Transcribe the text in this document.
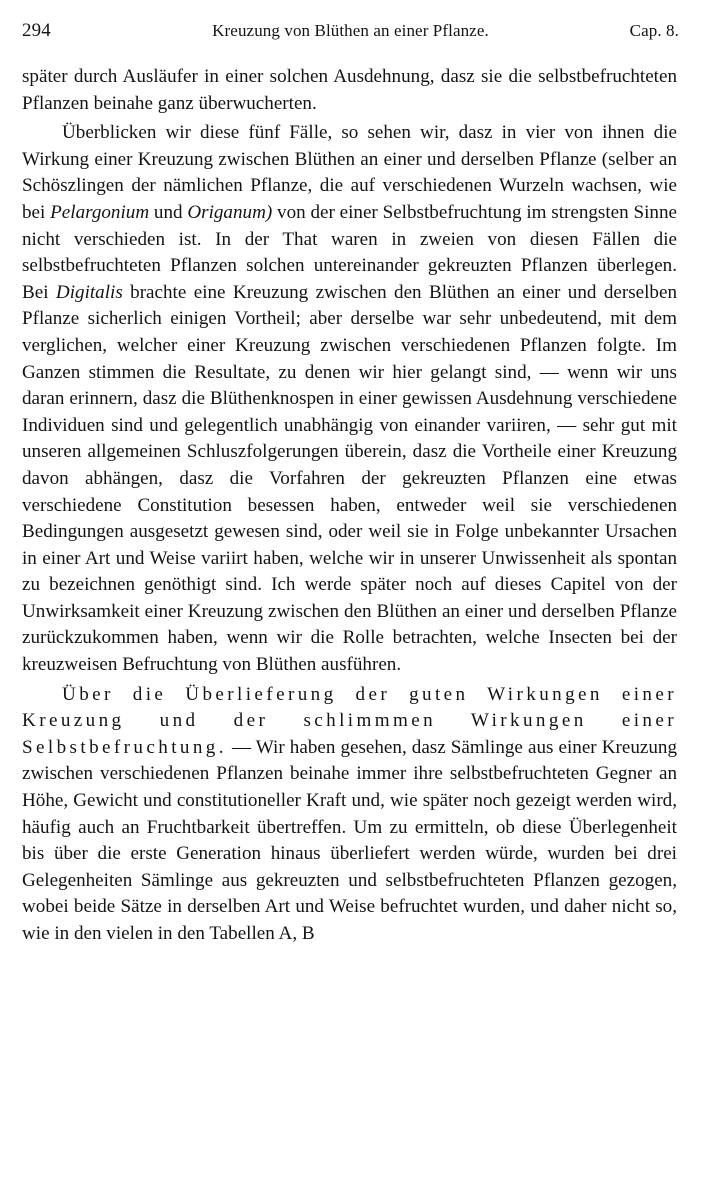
294	Kreuzung von Blüthen an einer Pflanze.	Cap. 8.

später durch Ausläufer in einer solchen Ausdehnung, dasz sie die selbstbefruchteten Pflanzen beinahe ganz überwucherten.

Überblicken wir diese fünf Fälle, so sehen wir, dasz in vier von ihnen die Wirkung einer Kreuzung zwischen Blüthen an einer und derselben Pflanze (selber an Schöszlingen der nämlichen Pflanze, die auf verschiedenen Wurzeln wachsen, wie bei Pelargonium und Origanum) von der einer Selbstbefruchtung im strengsten Sinne nicht verschieden ist. In der That waren in zweien von diesen Fällen die selbstbefruchteten Pflanzen solchen untereinander gekreuzten Pflanzen überlegen. Bei Digitalis brachte eine Kreuzung zwischen den Blüthen an einer und derselben Pflanze sicherlich einigen Vortheil; aber derselbe war sehr unbedeutend, mit dem verglichen, welcher einer Kreuzung zwischen verschiedenen Pflanzen folgte. Im Ganzen stimmen die Resultate, zu denen wir hier gelangt sind, — wenn wir uns daran erinnern, dasz die Blüthenknospen in einer gewissen Ausdehnung verschiedene Individuen sind und gelegentlich unabhängig von einander variiren, — sehr gut mit unseren allgemeinen Schluszfolgerungen überein, dasz die Vortheile einer Kreuzung davon abhängen, dasz die Vorfahren der gekreuzten Pflanzen eine etwas verschiedene Constitution besessen haben, entweder weil sie verschiedenen Bedingungen ausgesetzt gewesen sind, oder weil sie in Folge unbekannter Ursachen in einer Art und Weise variirt haben, welche wir in unserer Unwissenheit als spontan zu bezeichnen genöthigt sind. Ich werde später noch auf dieses Capitel von der Unwirksamkeit einer Kreuzung zwischen den Blüthen an einer und derselben Pflanze zurückzukommen haben, wenn wir die Rolle betrachten, welche Insecten bei der kreuzweisen Befruchtung von Blüthen ausführen.

Über die Überlieferung der guten Wirkungen einer Kreuzung und der schlimmmen Wirkungen einer Selbstbefruchtung. — Wir haben gesehen, dasz Sämlinge aus einer Kreuzung zwischen verschiedenen Pflanzen beinahe immer ihre selbstbefruchteten Gegner an Höhe, Gewicht und constitutioneller Kraft und, wie später noch gezeigt werden wird, häufig auch an Fruchtbarkeit übertreffen. Um zu ermitteln, ob diese Überlegenheit bis über die erste Generation hinaus überliefert werden würde, wurden bei drei Gelegenheiten Sämlinge aus gekreuzten und selbstbefruchteten Pflanzen gezogen, wobei beide Sätze in derselben Art und Weise befruchtet wurden, und daher nicht so, wie in den vielen in den Tabellen A, B
